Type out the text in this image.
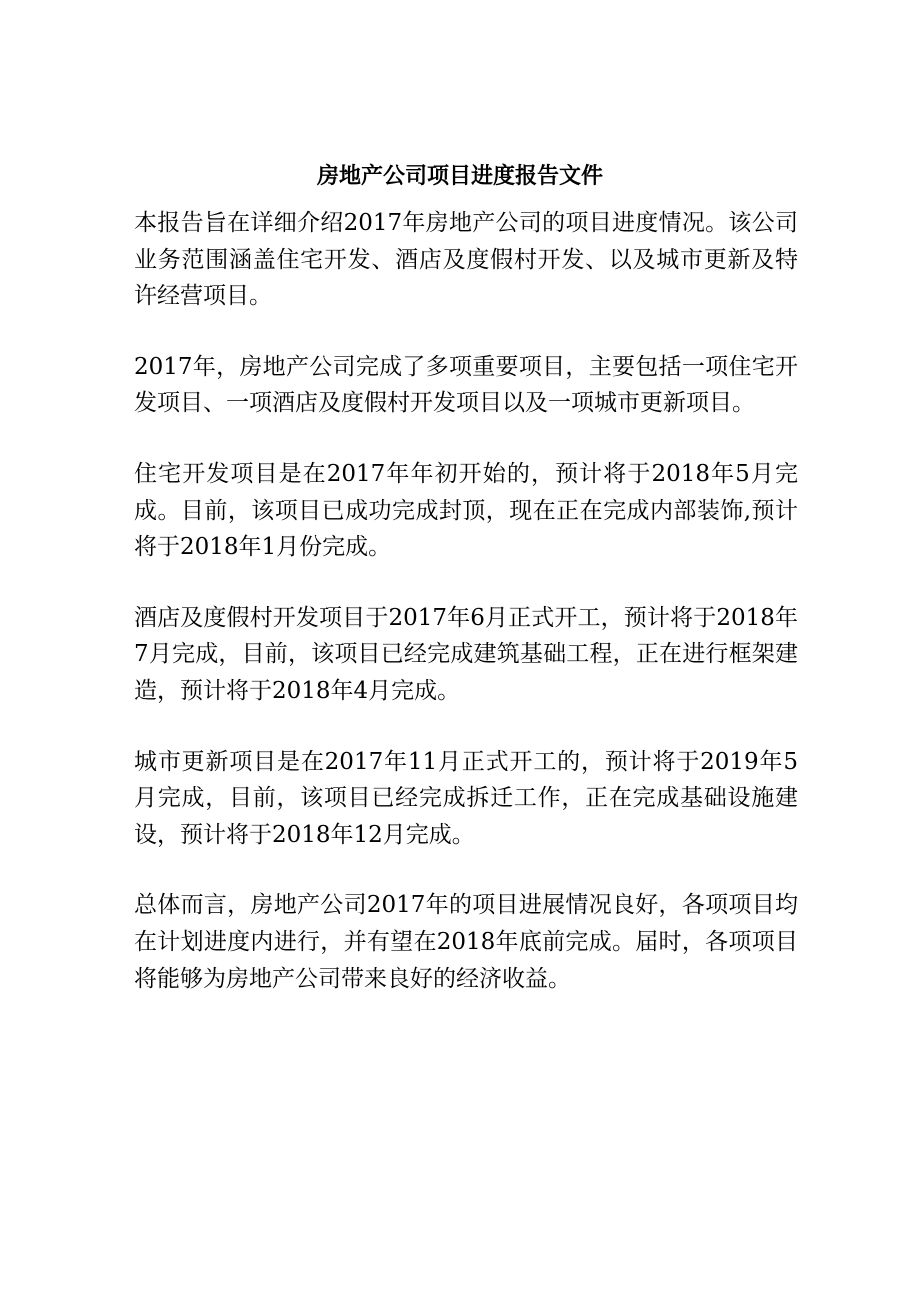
房地产公司项目进度报告文件

本报告旨在详细介绍2017年房地产公司的项目进度情况。该公司业务范围涵盖住宅开发、酒店及度假村开发、以及城市更新及特许经营项目。

2017年，房地产公司完成了多项重要项目，主要包括一项住宅开发项目、一项酒店及度假村开发项目以及一项城市更新项目。

住宅开发项目是在2017年年初开始的，预计将于2018年5月完成。目前，该项目已成功完成封顶，现在正在完成内部装饰,预计将于2018年1月份完成。

酒店及度假村开发项目于2017年6月正式开工，预计将于2018年7月完成，目前，该项目已经完成建筑基础工程，正在进行框架建造，预计将于2018年4月完成。

城市更新项目是在2017年11月正式开工的，预计将于2019年5月完成，目前，该项目已经完成拆迁工作，正在完成基础设施建设，预计将于2018年12月完成。

总体而言，房地产公司2017年的项目进展情况良好，各项项目均在计划进度内进行，并有望在2018年底前完成。届时，各项项目将能够为房地产公司带来良好的经济收益。
